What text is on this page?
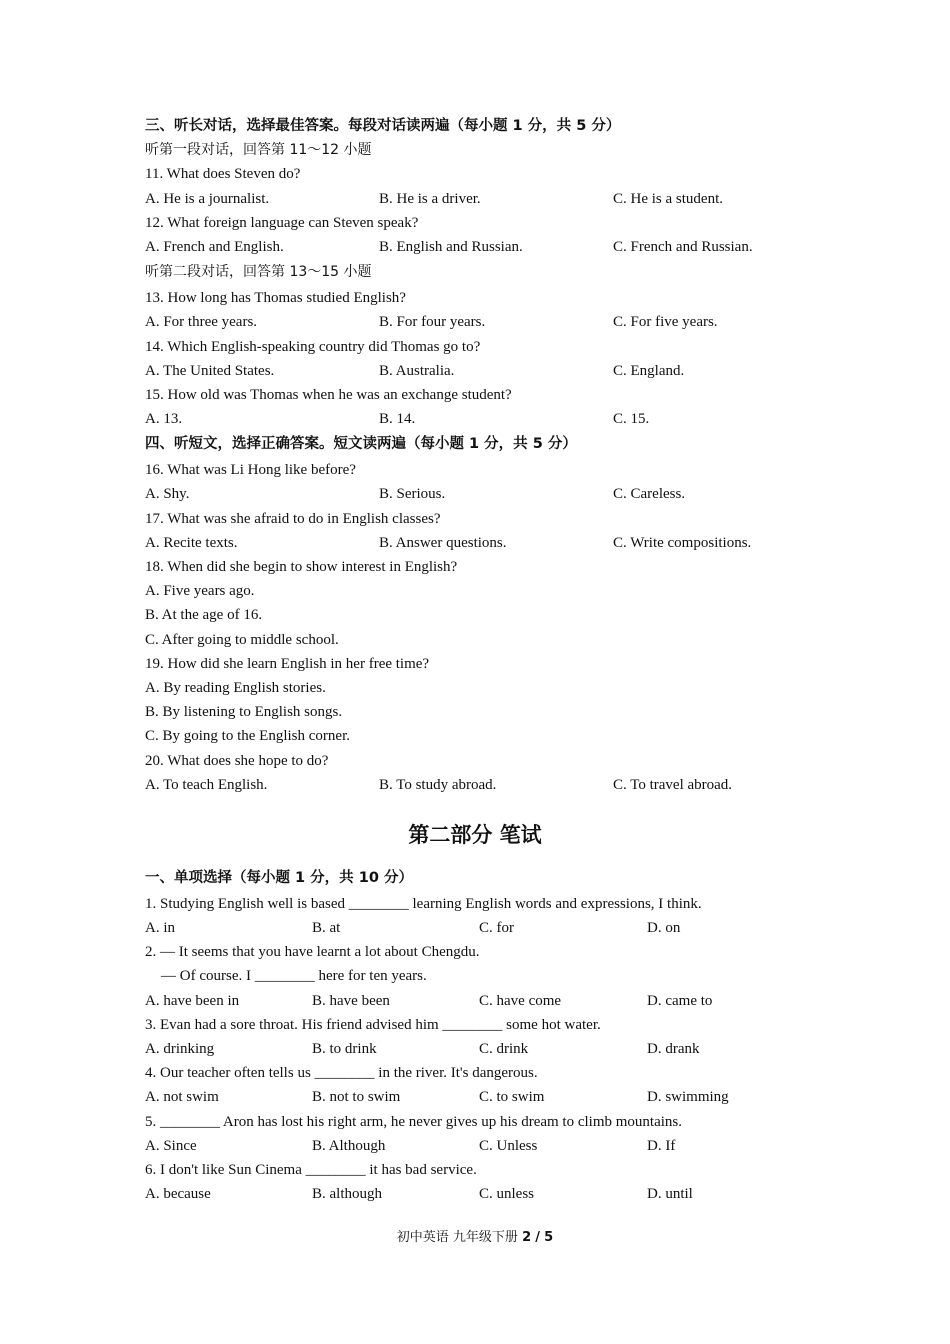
三、听长对话，选择最佳答案。每段对话读两遍（每小题 1 分，共 5 分）
听第一段对话，回答第 11～12 小题
11. What does Steven do?
A. He is a journalist.	B. He is a driver.	C. He is a student.
12. What foreign language can Steven speak?
A. French and English.	B. English and Russian.	C. French and Russian.
听第二段对话，回答第 13～15 小题
13. How long has Thomas studied English?
A. For three years.	B. For four years.	C. For five years.
14. Which English-speaking country did Thomas go to?
A. The United States.	B. Australia.	C. England.
15. How old was Thomas when he was an exchange student?
A. 13.	B. 14.	C. 15.
四、听短文，选择正确答案。短文读两遍（每小题 1 分，共 5 分）
16. What was Li Hong like before?
A. Shy.	B. Serious.	C. Careless.
17. What was she afraid to do in English classes?
A. Recite texts.	B. Answer questions.	C. Write compositions.
18. When did she begin to show interest in English?
A. Five years ago.
B. At the age of 16.
C. After going to middle school.
19. How did she learn English in her free time?
A. By reading English stories.
B. By listening to English songs.
C. By going to the English corner.
20. What does she hope to do?
A. To teach English.	B. To study abroad.	C. To travel abroad.
第二部分 笔试
一、单项选择（每小题 1 分，共 10 分）
1. Studying English well is based ________ learning English words and expressions, I think.
A. in	B. at	C. for	D. on
2. — It seems that you have learnt a lot about Chengdu.
— Of course. I ________ here for ten years.
A. have been in	B. have been	C. have come	D. came to
3. Evan had a sore throat. His friend advised him ________ some hot water.
A. drinking	B. to drink	C. drink	D. drank
4. Our teacher often tells us ________ in the river. It's dangerous.
A. not swim	B. not to swim	C. to swim	D. swimming
5. ________ Aron has lost his right arm, he never gives up his dream to climb mountains.
A. Since	B. Although	C. Unless	D. If
6. I don't like Sun Cinema ________ it has bad service.
A. because	B. although	C. unless	D. until
初中英语 九年级下册 2 / 5
